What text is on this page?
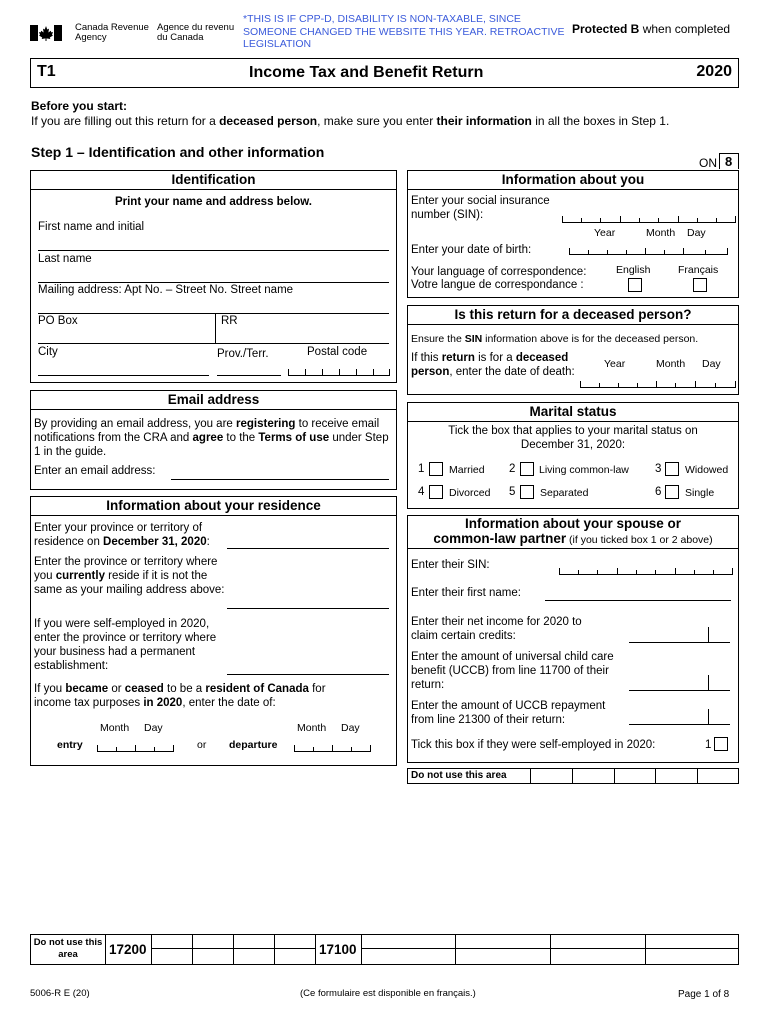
Canada Revenue
Agency
Agence du revenu
du Canada
*THIS IS IF CPP-D, DISABILITY IS NON-TAXABLE, SINCE SOMEONE CHANGED THE WEBSITE THIS YEAR. RETROACTIVE LEGISLATION
Protected B when completed
T1	Income Tax and Benefit Return	2020
Before you start:
If you are filling out this return for a deceased person, make sure you enter their information in all the boxes in Step 1.
Step 1 – Identification and other information
ON 8
Identification
Print your name and address below.
First name and initial
Last name
Mailing address: Apt No. – Street No. Street name
PO Box	RR
City	Prov./Terr.	Postal code
Email address
By providing an email address, you are registering to receive email notifications from the CRA and agree to the Terms of use under Step 1 in the guide.
Enter an email address:
Information about your residence
Enter your province or territory of residence on December 31, 2020:
Enter the province or territory where you currently reside if it is not the same as your mailing address above:
If you were self-employed in 2020, enter the province or territory where your business had a permanent establishment:
If you became or ceased to be a resident of Canada for income tax purposes in 2020, enter the date of:
Month Day
entry	or
Month Day
departure
Information about you
Enter your social insurance number (SIN):
Year	Month Day
Enter your date of birth:
English	Français
Your language of correspondence:
Votre langue de correspondance :
Is this return for a deceased person?
Ensure the SIN information above is for the deceased person.
If this return is for a deceased person, enter the date of death:
Year	Month Day
Marital status
Tick the box that applies to your marital status on December 31, 2020:
1 Married 2 Living common-law 3 Widowed
4 Divorced 5 Separated	6 Single
Information about your spouse or
common-law partner (if you ticked box 1 or 2 above)
Enter their SIN:
Enter their first name:
Enter their net income for 2020 to claim certain credits:
Enter the amount of universal child care benefit (UCCB) from line 11700 of their return:
Enter the amount of UCCB repayment from line 21300 of their return:
Tick this box if they were self-employed in 2020:	1
Do not use this area
Do not use this area	17200	17100
5006-R E (20)	(Ce formulaire est disponible en français.)	Page 1 of 8
